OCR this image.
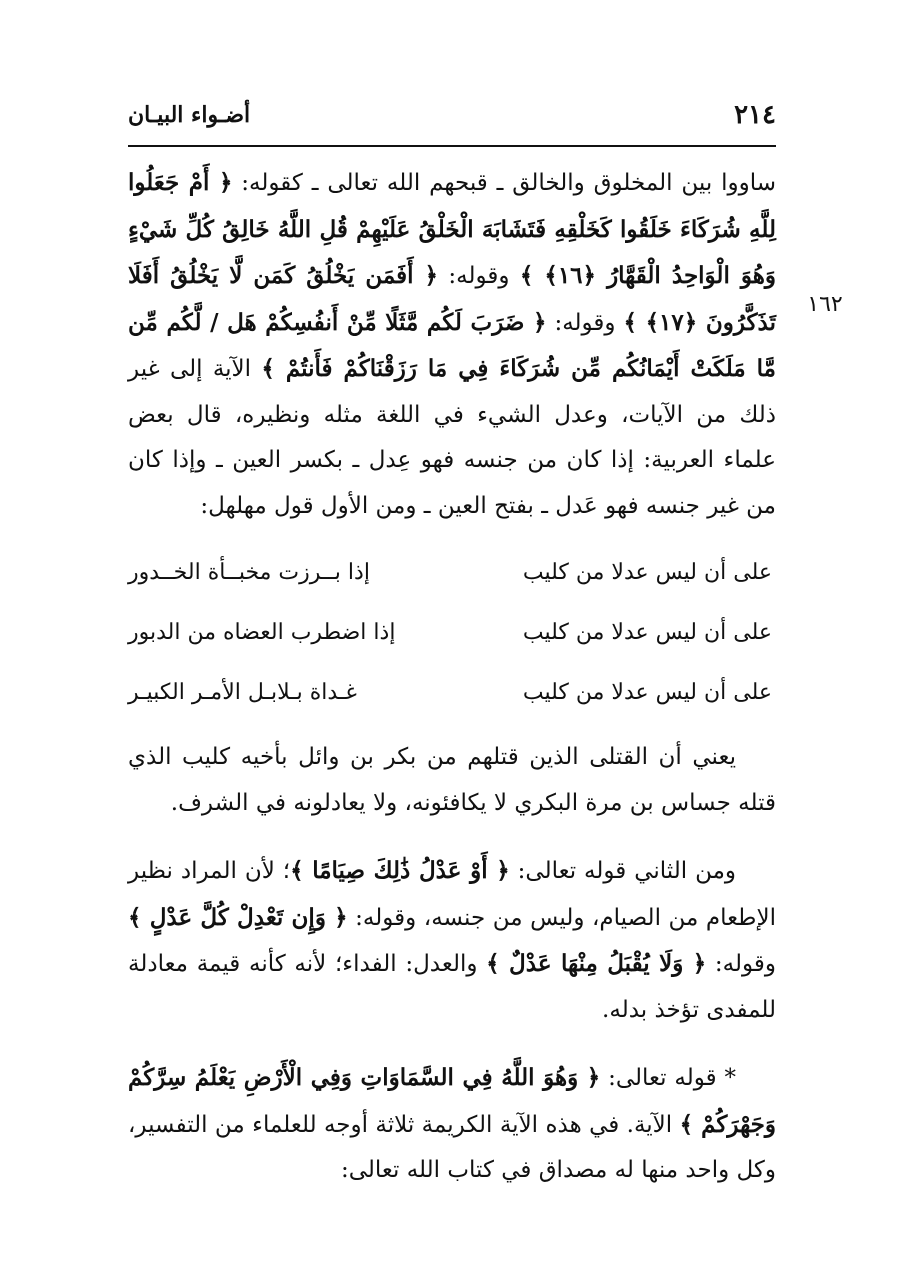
٢١٤
أضـواء البيـان
١٦٢

ساووا بين المخلوق والخالق ـ قبحهم الله تعالى ـ كقوله: ﴿ أَمْ جَعَلُوا لِلَّهِ شُرَكَاءَ خَلَقُوا كَخَلْقِهِ فَتَشَابَهَ الْخَلْقُ عَلَيْهِمْ قُلِ اللَّهُ خَالِقُ كُلِّ شَيْءٍ وَهُوَ الْوَاحِدُ الْقَهَّارُ ﴿١٦﴾ ﴾ وقوله: ﴿ أَفَمَن يَخْلُقُ كَمَن لَّا يَخْلُقُ أَفَلَا تَذَكَّرُونَ ﴿١٧﴾ ﴾ وقوله: ﴿ ضَرَبَ لَكُم مَّثَلًا مِّنْ أَنفُسِكُمْ هَل / لَّكُم مِّن مَّا مَلَكَتْ أَيْمَانُكُم مِّن شُرَكَاءَ فِي مَا رَزَقْنَاكُمْ فَأَنتُمْ ﴾ الآية إلى غير ذلك من الآيات، وعدل الشيء في اللغة مثله ونظيره، قال بعض علماء العربية: إذا كان من جنسه فهو عِدل ـ بكسر العين ـ وإذا كان من غير جنسه فهو عَدل ـ بفتح العين ـ ومن الأول قول مهلهل:

على أن ليس عدلا من كليب
إذا بــرزت مخبــأة الخــدور
على أن ليس عدلا من كليب
إذا اضطرب العضاه من الدبور
على أن ليس عدلا من كليب
غـداة بـلابـل الأمـر الكبيـر

يعني أن القتلى الذين قتلهم من بكر بن وائل بأخيه كليب الذي قتله جساس بن مرة البكري لا يكافئونه، ولا يعادلونه في الشرف.

ومن الثاني قوله تعالى: ﴿ أَوْ عَدْلُ ذَٰلِكَ صِيَامًا ﴾؛ لأن المراد نظير الإطعام من الصيام، وليس من جنسه، وقوله: ﴿ وَإِن تَعْدِلْ كُلَّ عَدْلٍ ﴾ وقوله: ﴿ وَلَا يُقْبَلُ مِنْهَا عَدْلٌ ﴾ والعدل: الفداء؛ لأنه كأنه قيمة معادلة للمفدى تؤخذ بدله.

* قوله تعالى: ﴿ وَهُوَ اللَّهُ فِي السَّمَاوَاتِ وَفِي الْأَرْضِ يَعْلَمُ سِرَّكُمْ وَجَهْرَكُمْ ﴾ الآية. في هذه الآية الكريمة ثلاثة أوجه للعلماء من التفسير، وكل واحد منها له مصداق في كتاب الله تعالى:
